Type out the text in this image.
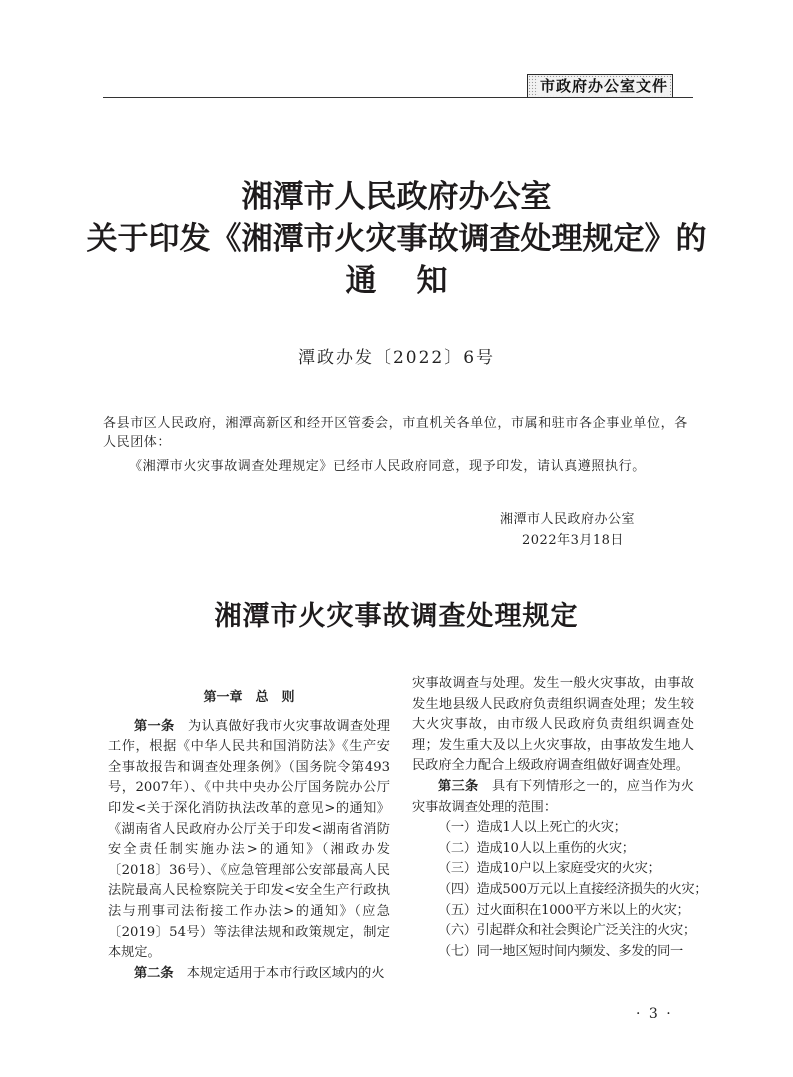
市政府办公室文件
湘潭市人民政府办公室
关于印发《湘潭市火灾事故调查处理规定》的
通知
潭政办发〔2022〕6号
各县市区人民政府，湘潭高新区和经开区管委会，市直机关各单位，市属和驻市各企事业单位，各人民团体：
《湘潭市火灾事故调查处理规定》已经市人民政府同意，现予印发，请认真遵照执行。
湘潭市人民政府办公室
2022年3月18日
湘潭市火灾事故调查处理规定
第一章　总　则

第一条　为认真做好我市火灾事故调查处理工作，根据《中华人民共和国消防法》《生产安全事故报告和调查处理条例》（国务院令第493号，2007年）、《中共中央办公厅国务院办公厅印发<关于深化消防执法改革的意见>的通知》《湖南省人民政府办公厅关于印发<湖南省消防安全责任制实施办法>的通知》（湘政办发〔2018〕36号）、《应急管理部公安部最高人民法院最高人民检察院关于印发<安全生产行政执法与刑事司法衔接工作办法>的通知》（应急〔2019〕54号）等法律法规和政策规定，制定本规定。

第二条　本规定适用于本市行政区域内的火

灾事故调查与处理。发生一般火灾事故，由事故发生地县级人民政府负责组织调查处理；发生较大火灾事故，由市级人民政府负责组织调查处理；发生重大及以上火灾事故，由事故发生地人民政府全力配合上级政府调查组做好调查处理。

第三条　具有下列情形之一的，应当作为火灾事故调查处理的范围：

（一）造成1人以上死亡的火灾；

（二）造成10人以上重伤的火灾；

（三）造成10户以上家庭受灾的火灾；

（四）造成500万元以上直接经济损失的火灾；

（五）过火面积在1000平方米以上的火灾；

（六）引起群众和社会舆论广泛关注的火灾；

（七）同一地区短时间内频发、多发的同一

· 3 ·
